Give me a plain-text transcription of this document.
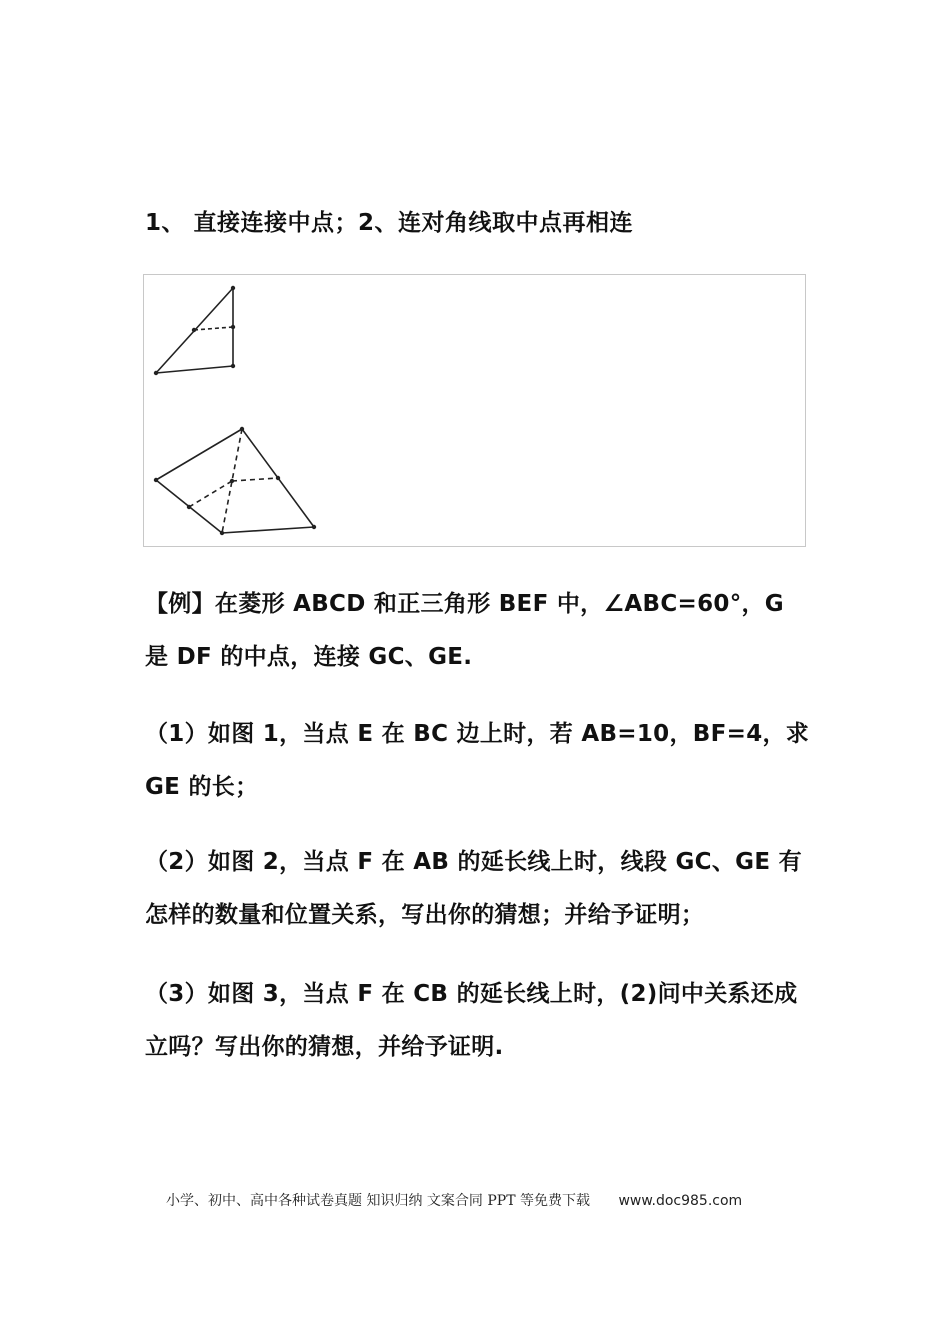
1、 直接连接中点；2、连对角线取中点再相连
【例】在菱形 ABCD 和正三角形 BEF 中，∠ABC=60°，G 是 DF 的中点，连接 GC、GE.
（1）如图 1，当点 E 在 BC 边上时，若 AB=10，BF=4，求 GE 的长；
（2）如图 2，当点 F 在 AB 的延长线上时，线段 GC、GE 有怎样的数量和位置关系，写出你的猜想；并给予证明；
（3）如图 3，当点 F 在 CB 的延长线上时，(2)问中关系还成立吗？写出你的猜想，并给予证明.
小学、初中、高中各种试卷真题 知识归纳 文案合同 PPT 等免费下载 www.doc985.com
